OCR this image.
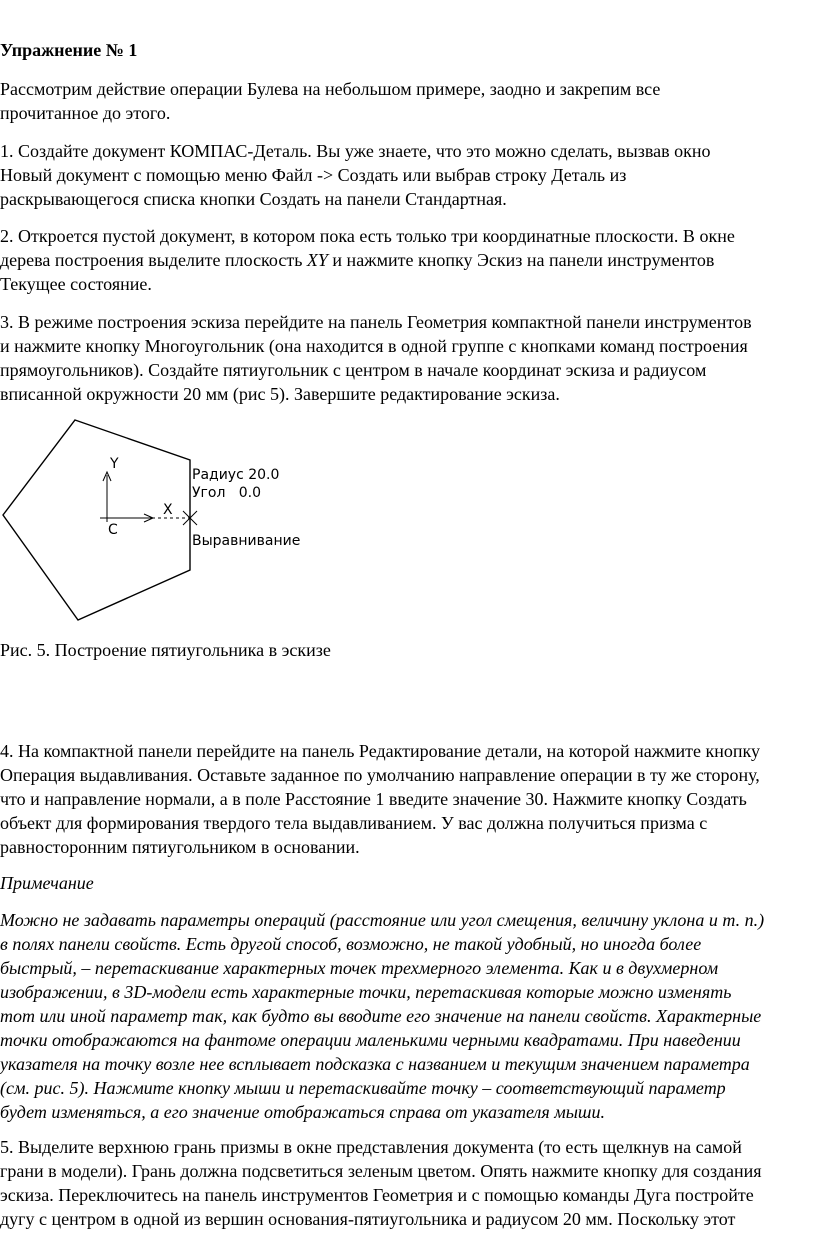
Упражнение № 1

Рассмотрим действие операции Булева на небольшом примере, заодно и закрепим все
прочитанное до этого.

1. Создайте документ КОМПАС-Деталь. Вы уже знаете, что это можно сделать, вызвав окно
Новый документ с помощью меню Файл -> Создать или выбрав строку Деталь из
раскрывающегося списка кнопки Создать на панели Стандартная.

2. Откроется пустой документ, в котором пока есть только три координатные плоскости. В окне
дерева построения выделите плоскость XY и нажмите кнопку Эскиз на панели инструментов
Текущее состояние.

3. В режиме построения эскиза перейдите на панель Геометрия компактной панели инструментов
и нажмите кнопку Многоугольник (она находится в одной группе с кнопками команд построения
прямоугольников). Создайте пятиугольник с центром в начале координат эскиза и радиусом
вписанной окружности 20 мм (рис 5). Завершите редактирование эскиза.

Y
X
C
Радиус 20.0
Угол   0.0
Выравнивание

Рис. 5. Построение пятиугольника в эскизе

4. На компактной панели перейдите на панель Редактирование детали, на которой нажмите кнопку
Операция выдавливания. Оставьте заданное по умолчанию направление операции в ту же сторону,
что и направление нормали, а в поле Расстояние 1 введите значение 30. Нажмите кнопку Создать
объект для формирования твердого тела выдавливанием. У вас должна получиться призма с
равносторонним пятиугольником в основании.

Примечание

Можно не задавать параметры операций (расстояние или угол смещения, величину уклона и т. п.)
в полях панели свойств. Есть другой способ, возможно, не такой удобный, но иногда более
быстрый, – перетаскивание характерных точек трехмерного элемента. Как и в двухмерном
изображении, в 3D-модели есть характерные точки, перетаскивая которые можно изменять
тот или иной параметр так, как будто вы вводите его значение на панели свойств. Характерные
точки отображаются на фантоме операции маленькими черными квадратами. При наведении
указателя на точку возле нее всплывает подсказка с названием и текущим значением параметра
(см. рис. 5). Нажмите кнопку мыши и перетаскивайте точку – соответствующий параметр
будет изменяться, а его значение отображаться справа от указателя мыши.

5. Выделите верхнюю грань призмы в окне представления документа (то есть щелкнув на самой
грани в модели). Грань должна подсветиться зеленым цветом. Опять нажмите кнопку для создания
эскиза. Переключитесь на панель инструментов Геометрия и с помощью команды Дуга постройте
дугу с центром в одной из вершин основания-пятиугольника и радиусом 20 мм. Поскольку этот
